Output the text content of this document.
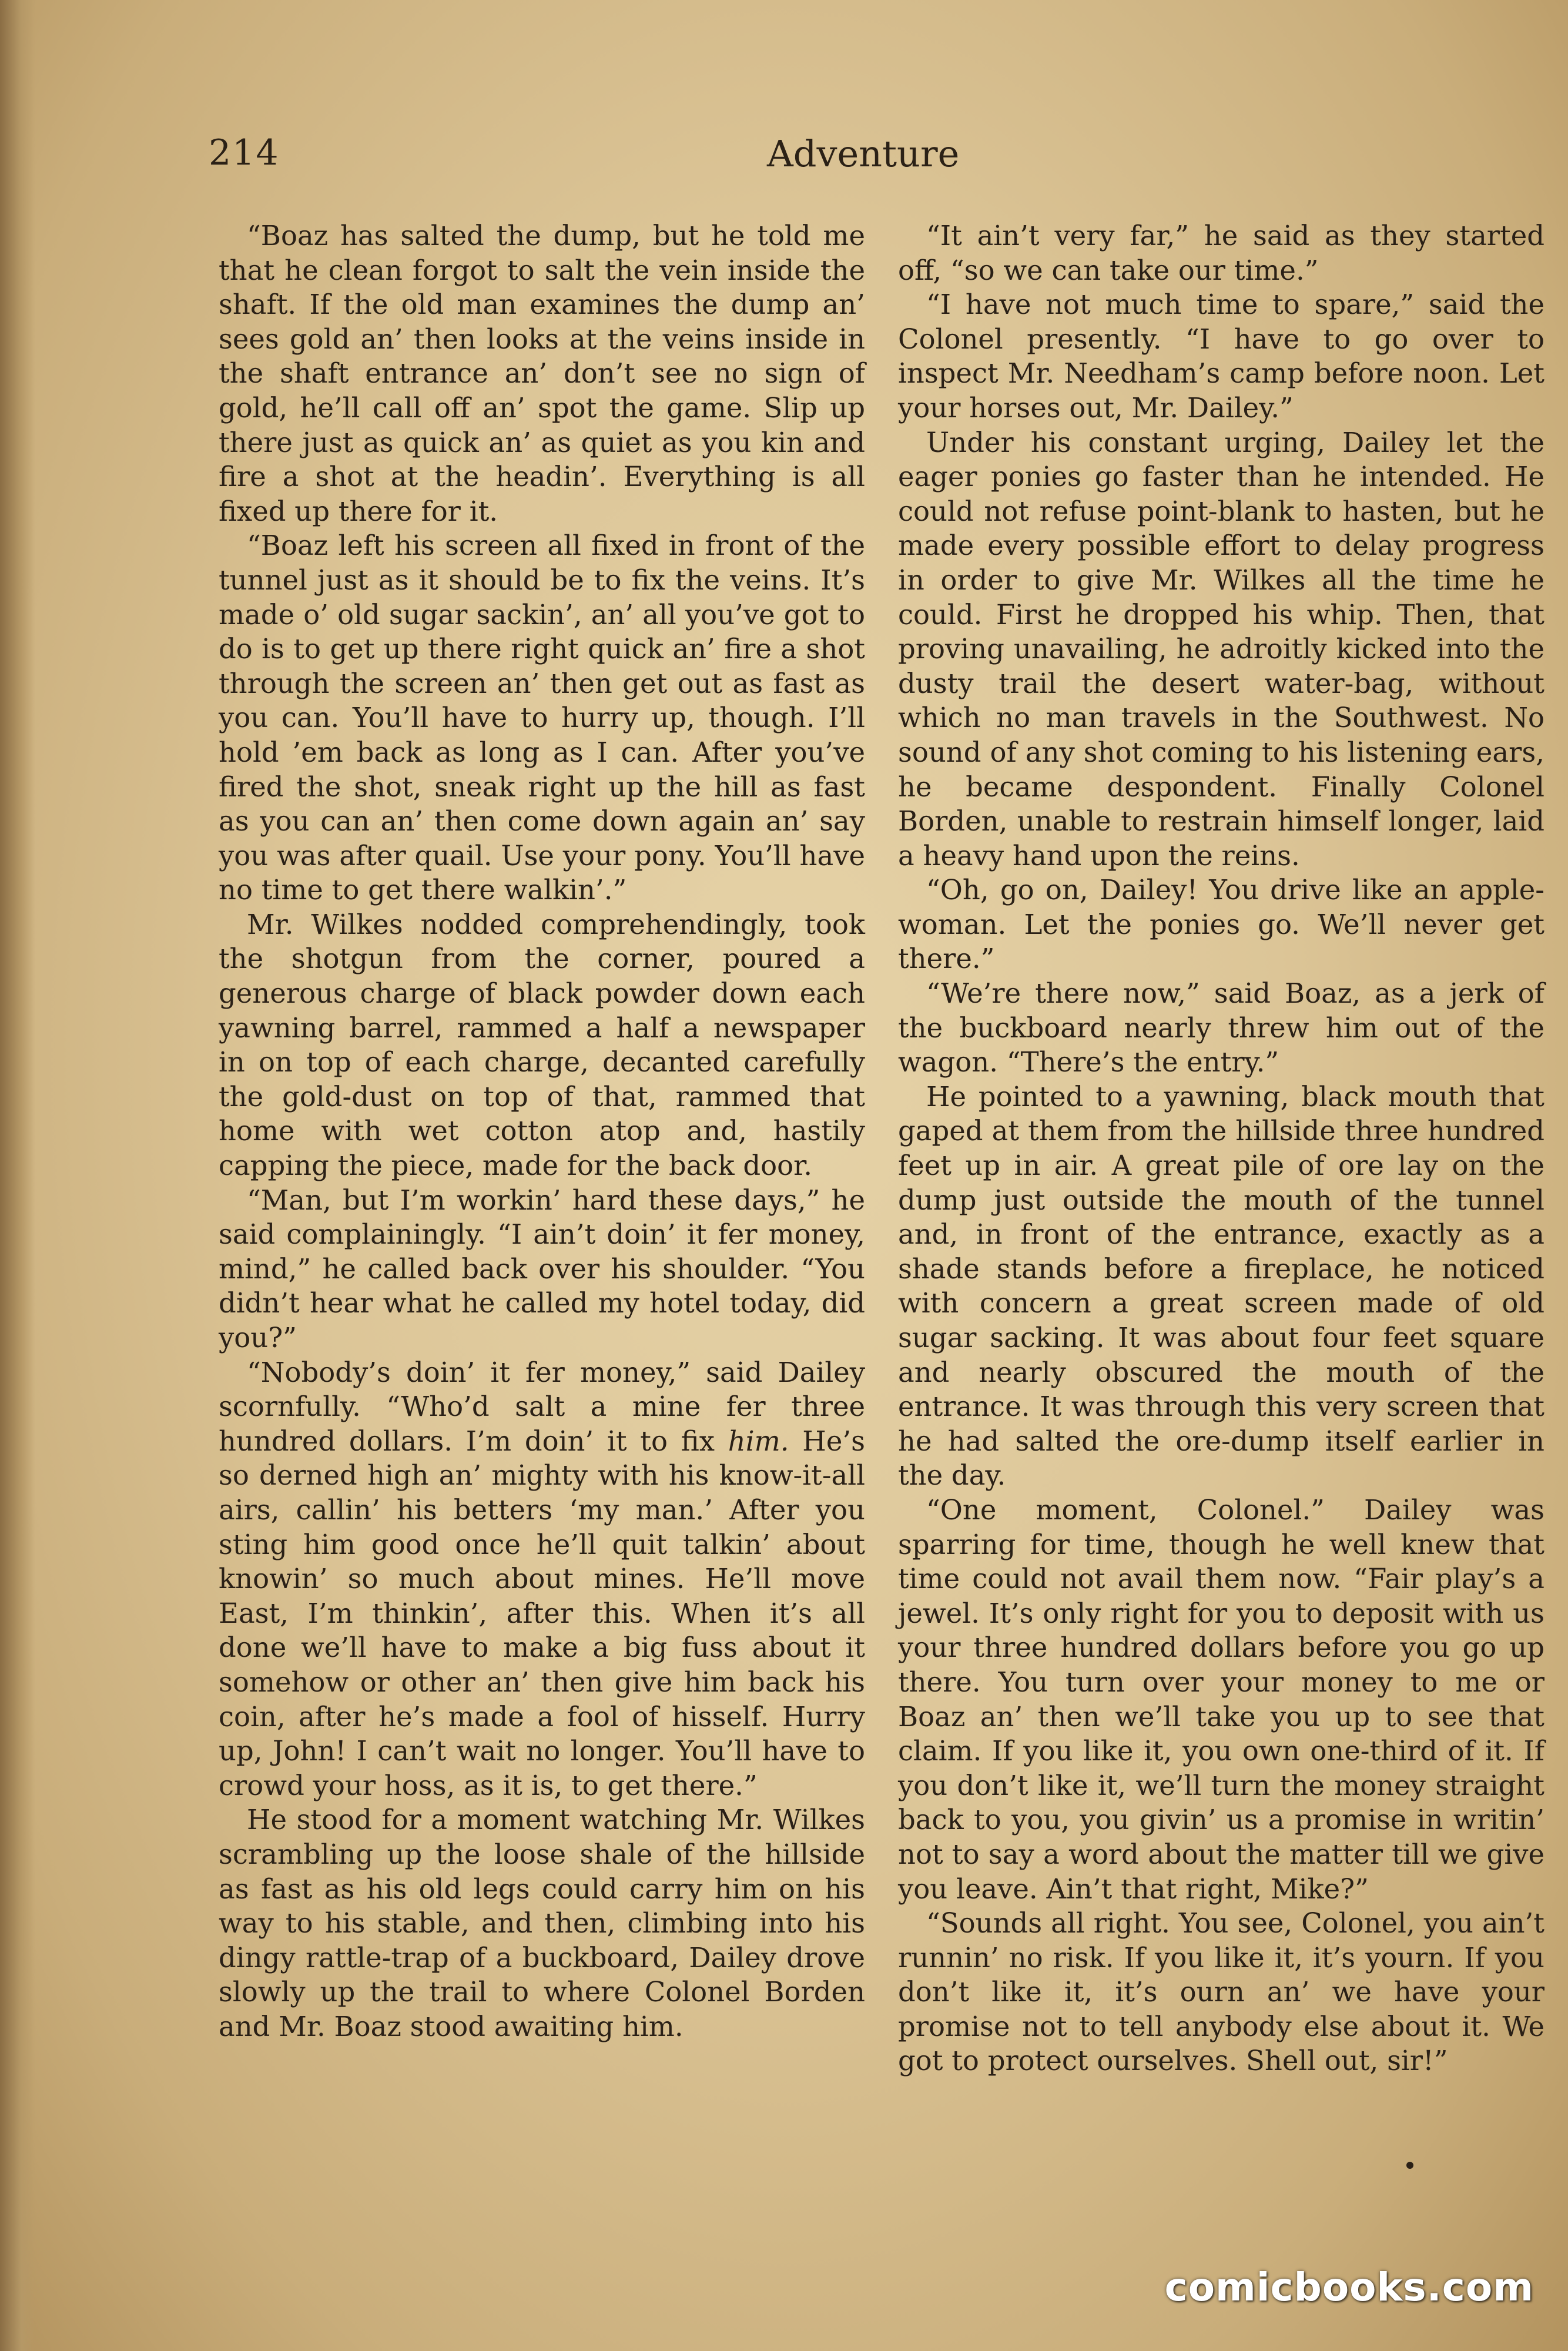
214	Adventure

“Boaz has salted the dump, but he told me that he clean forgot to salt the vein inside the shaft. If the old man examines the dump an’ sees gold an’ then looks at the veins inside in the shaft entrance an’ don’t see no sign of gold, he’ll call off an’ spot the game. Slip up there just as quick an’ as quiet as you kin and fire a shot at the headin’. Everything is all fixed up there for it.

“Boaz left his screen all fixed in front of the tunnel just as it should be to fix the veins. It’s made o’ old sugar sackin’, an’ all you’ve got to do is to get up there right quick an’ fire a shot through the screen an’ then get out as fast as you can. You’ll have to hurry up, though. I’ll hold ’em back as long as I can. After you’ve fired the shot, sneak right up the hill as fast as you can an’ then come down again an’ say you was after quail. Use your pony. You’ll have no time to get there walkin’.”

Mr. Wilkes nodded comprehendingly, took the shotgun from the corner, poured a generous charge of black powder down each yawning barrel, rammed a half a newspaper in on top of each charge, decanted carefully the gold-dust on top of that, rammed that home with wet cotton atop and, hastily capping the piece, made for the back door.

“Man, but I’m workin’ hard these days,” he said complainingly. “I ain’t doin’ it fer money, mind,” he called back over his shoulder. “You didn’t hear what he called my hotel today, did you?”

“Nobody’s doin’ it fer money,” said Dailey scornfully. “Who’d salt a mine fer three hundred dollars. I’m doin’ it to fix him. He’s so derned high an’ mighty with his know-it-all airs, callin’ his betters ‘my man.’ After you sting him good once he’ll quit talkin’ about knowin’ so much about mines. He’ll move East, I’m thinkin’, after this. When it’s all done we’ll have to make a big fuss about it somehow or other an’ then give him back his coin, after he’s made a fool of hisself. Hurry up, John! I can’t wait no longer. You’ll have to crowd your hoss, as it is, to get there.”

He stood for a moment watching Mr. Wilkes scrambling up the loose shale of the hillside as fast as his old legs could carry him on his way to his stable, and then, climbing into his dingy rattle-trap of a buckboard, Dailey drove slowly up the trail to where Colonel Borden and Mr. Boaz stood awaiting him.

“It ain’t very far,” he said as they started off, “so we can take our time.”

“I have not much time to spare,” said the Colonel presently. “I have to go over to inspect Mr. Needham’s camp before noon. Let your horses out, Mr. Dailey.”

Under his constant urging, Dailey let the eager ponies go faster than he intended. He could not refuse point-blank to hasten, but he made every possible effort to delay progress in order to give Mr. Wilkes all the time he could. First he dropped his whip. Then, that proving unavailing, he adroitly kicked into the dusty trail the desert water-bag, without which no man travels in the Southwest. No sound of any shot coming to his listening ears, he became despondent. Finally Colonel Borden, unable to restrain himself longer, laid a heavy hand upon the reins.

“Oh, go on, Dailey! You drive like an apple-woman. Let the ponies go. We’ll never get there.”

“We’re there now,” said Boaz, as a jerk of the buckboard nearly threw him out of the wagon. “There’s the entry.”

He pointed to a yawning, black mouth that gaped at them from the hillside three hundred feet up in air. A great pile of ore lay on the dump just outside the mouth of the tunnel and, in front of the entrance, exactly as a shade stands before a fireplace, he noticed with concern a great screen made of old sugar sacking. It was about four feet square and nearly obscured the mouth of the entrance. It was through this very screen that he had salted the ore-dump itself earlier in the day.

“One moment, Colonel.” Dailey was sparring for time, though he well knew that time could not avail them now. “Fair play’s a jewel. It’s only right for you to deposit with us your three hundred dollars before you go up there. You turn over your money to me or Boaz an’ then we’ll take you up to see that claim. If you like it, you own one-third of it. If you don’t like it, we’ll turn the money straight back to you, you givin’ us a promise in writin’ not to say a word about the matter till we give you leave. Ain’t that right, Mike?”

“Sounds all right. You see, Colonel, you ain’t runnin’ no risk. If you like it, it’s yourn. If you don’t like it, it’s ourn an’ we have your promise not to tell anybody else about it. We got to protect ourselves. Shell out, sir!”

comicbooks.com
